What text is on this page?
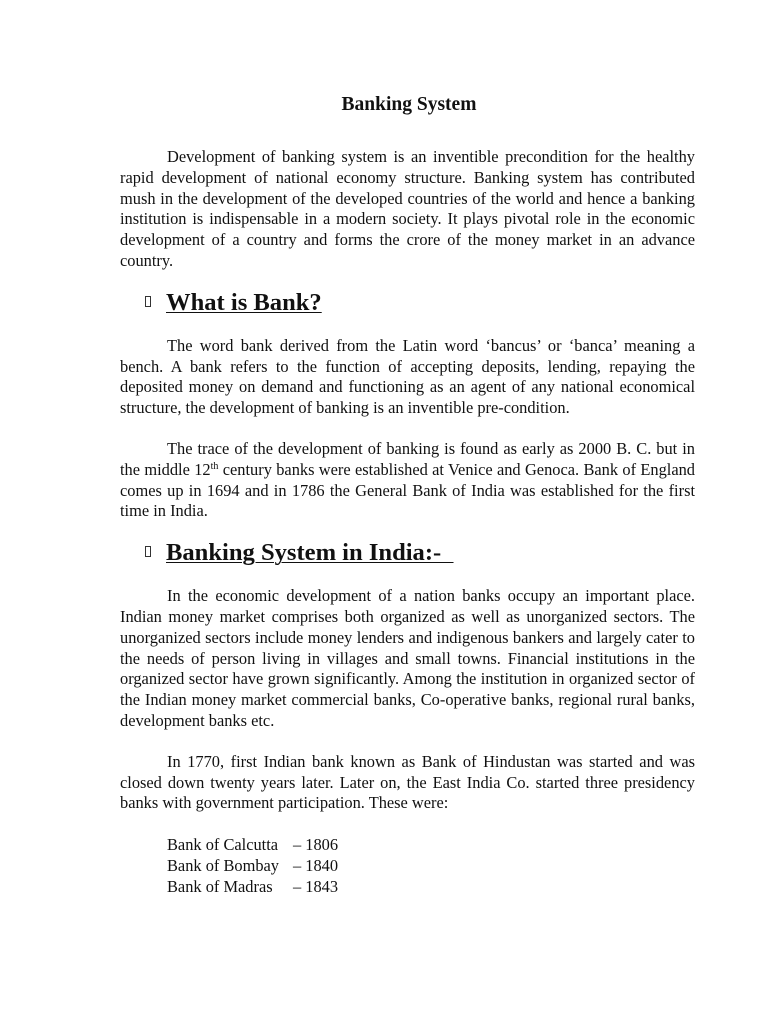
Banking System

Development of banking system is an inventible precondition for the healthy rapid development of national economy structure. Banking system has contributed mush in the development of the developed countries of the world and hence a banking institution is indispensable in a modern society. It plays pivotal role in the economic development of a country and forms the crore of the money market in an advance country.

What is Bank?

The word bank derived from the Latin word ‘bancus’ or ‘banca’ meaning a bench. A bank refers to the function of accepting deposits, lending, repaying the deposited money on demand and functioning as an agent of any national economical structure, the development of banking is an inventible pre-condition.

The trace of the development of banking is found as early as 2000 B. C. but in the middle 12th century banks were established at Venice and Genoca. Bank of England comes up in 1694 and in 1786 the General Bank of India was established for the first time in India.

Banking System in India:-

In the economic development of a nation banks occupy an important place. Indian money market comprises both organized as well as unorganized sectors. The unorganized sectors include money lenders and indigenous bankers and largely cater to the needs of person living in villages and small towns. Financial institutions in the organized sector have grown significantly. Among the institution in organized sector of the Indian money market commercial banks, Co-operative banks, regional rural banks, development banks etc.

In 1770, first Indian bank known as Bank of Hindustan was started and was closed down twenty years later. Later on, the East India Co. started three presidency banks with government participation. These were:

Bank of Calcutta – 1806
Bank of Bombay – 1840
Bank of Madras	– 1843
